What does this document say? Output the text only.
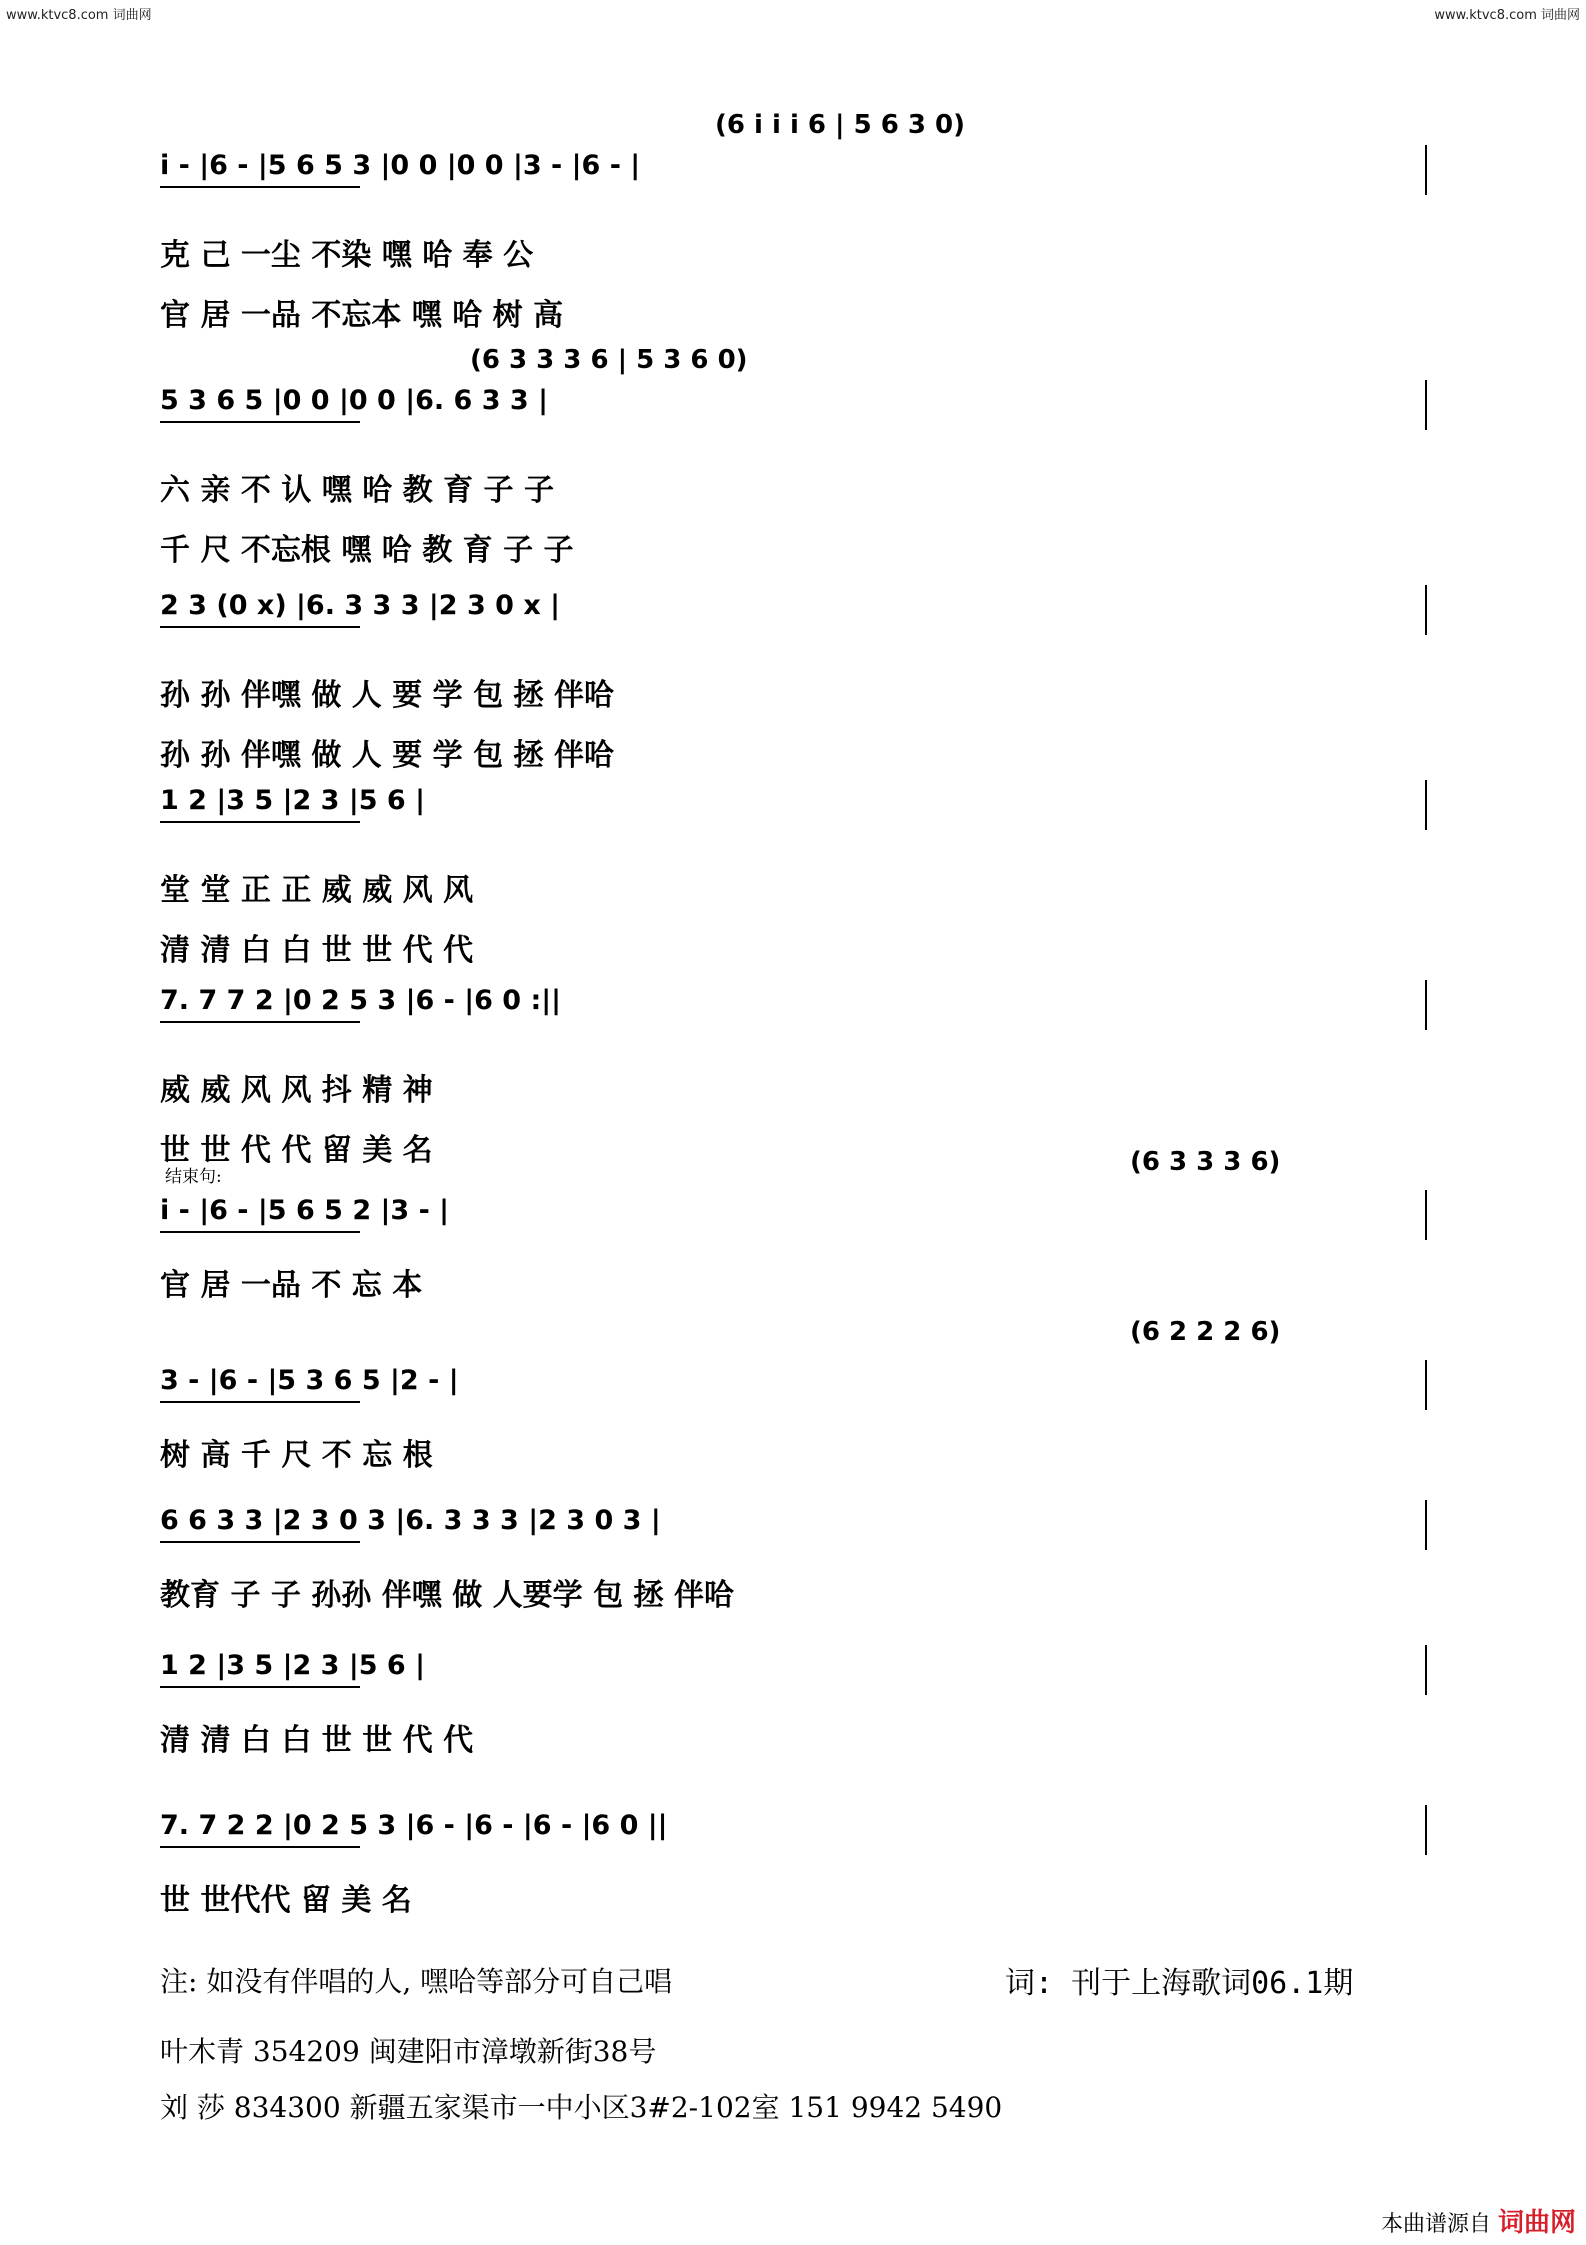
www.ktvc8.com 词曲网	www.ktvc8.com 词曲网
(6 i i i 6 | 5 6 3 0)
i - |6 - |5 6 5 3 |0 0 |0 0 |3 - |6 - |
克 己 一尘 不染 嘿 哈 奉 公
官 居 一品 不忘本 嘿 哈 树 高
(6 3 3 3 6 | 5 3 6 0)
5 3 6 5 |0 0 |0 0 |6. 6 3 3 |
六 亲 不 认 嘿 哈 教 育 子 子
千 尺 不忘根 嘿 哈 教 育 子 子
2 3 (0 x) |6. 3 3 3 |2 3 0 x |
孙 孙 伴嘿 做 人 要 学 包 拯 伴哈
孙 孙 伴嘿 做 人 要 学 包 拯 伴哈
1 2 |3 5 |2 3 |5 6 |
堂 堂 正 正 威 威 风 风
清 清 白 白 世 世 代 代
7. 7 7 2 |0 2 5 3 |6 - |6 0 :||
威 威 风 风 抖 精 神
世 世 代 代 留 美 名
结束句:	(6 3 3 3 6)
i - |6 - |5 6 5 2 |3 - |
官 居 一品 不 忘 本
(6 2 2 2 6)
3 - |6 - |5 3 6 5 |2 - |
树 高 千 尺 不 忘 根
6 6 3 3 |2 3 0 3 |6. 3 3 3 |2 3 0 3 |
教育 子 子 孙孙 伴嘿 做 人要学 包 拯 伴哈
1 2 |3 5 |2 3 |5 6 |
清 清 白 白 世 世 代 代
7. 7 2 2 |0 2 5 3 |6 - |6 - |6 - |6 0 ||
世 世代代 留 美 名
注: 如没有伴唱的人, 嘿哈等部分可自己唱	词: 刊于上海歌词06.1期
叶木青 354209 闽建阳市漳墩新街38号
刘 莎 834300 新疆五家渠市一中小区3#2-102室 151 9942 5490
本曲谱源自 词曲网
